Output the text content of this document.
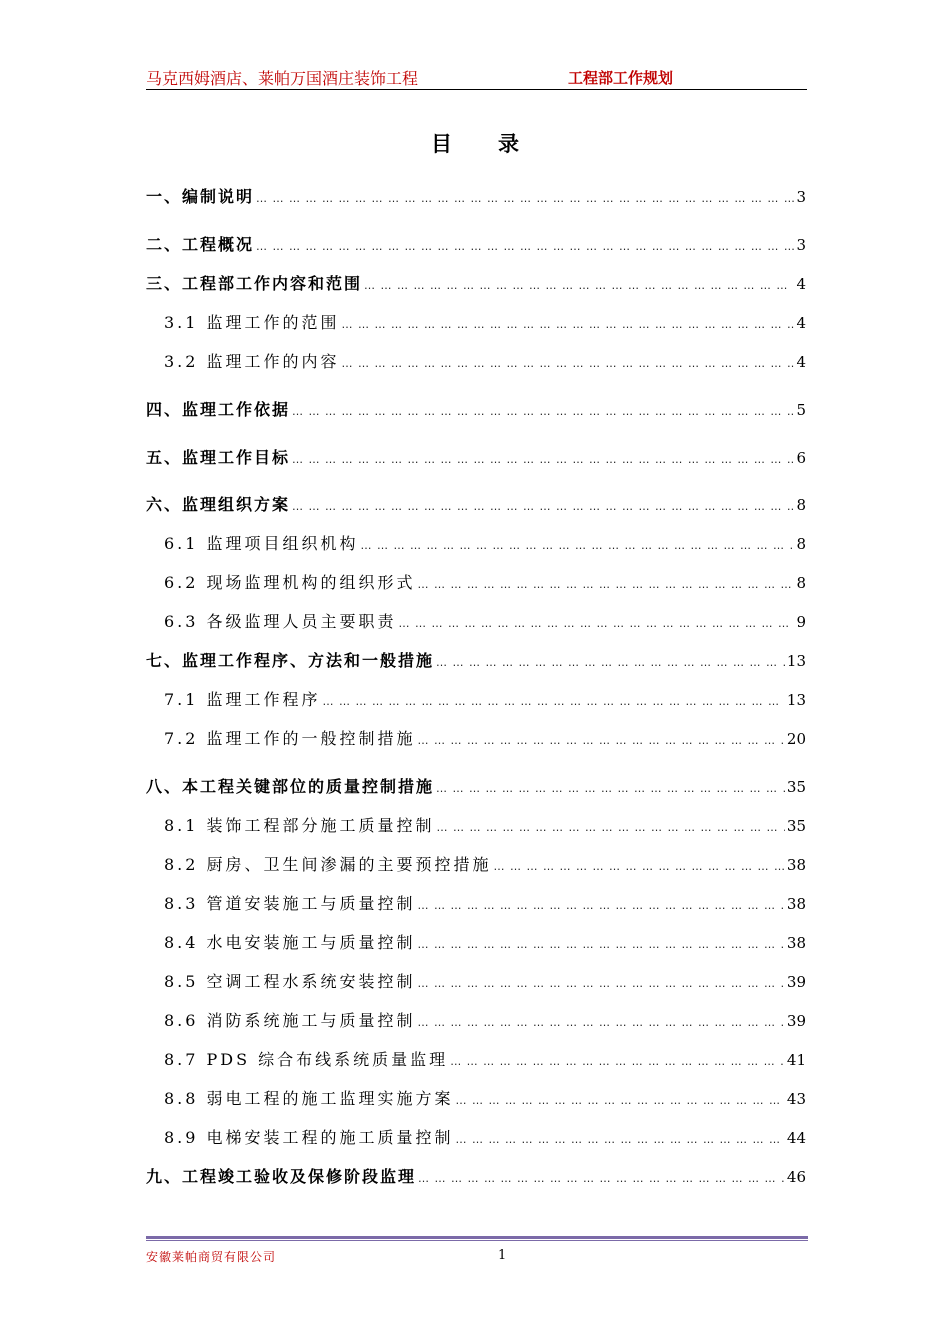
马克西姆酒店、莱帕万国酒庄装饰工程	工程部工作规划
目录
一、编制说明 … … … … … … … … … … … … … … … … … … … … … … … … … … … … … … … … … … … … … … … … … … … … … … … … … … … … … … … … … … … … …	3
二、工程概况 … … … … … … … … … … … … … … … … … … … … … … … … … … … … … … … … … … … … … … … … … … … … … … … … … … … … … … … … … … … … …	3
三、工程部工作内容和范围 … … … … … … … … … … … … … … … … … … … … … … … … … … … … … … … … … … … … … … … … … … … … … … … … … … … … … … … … … … … … …	4
3.1 监理工作的范围 … … … … … … … … … … … … … … … … … … … … … … … … … … … … … … … … … … … … … … … … … … … … … … … … … … … … … … … … … … … … …	4
3.2 监理工作的内容 … … … … … … … … … … … … … … … … … … … … … … … … … … … … … … … … … … … … … … … … … … … … … … … … … … … … … … … … … … … … …	4
四、监理工作依据 … … … … … … … … … … … … … … … … … … … … … … … … … … … … … … … … … … … … … … … … … … … … … … … … … … … … … … … … … … … … …	5
五、监理工作目标 … … … … … … … … … … … … … … … … … … … … … … … … … … … … … … … … … … … … … … … … … … … … … … … … … … … … … … … … … … … … …	6
六、监理组织方案 … … … … … … … … … … … … … … … … … … … … … … … … … … … … … … … … … … … … … … … … … … … … … … … … … … … … … … … … … … … … …	8
6.1 监理项目组织机构 … … … … … … … … … … … … … … … … … … … … … … … … … … … … … … … … … … … … … … … … … … … … … … … … … … … … … … … … … … … … …	8
6.2 现场监理机构的组织形式 … … … … … … … … … … … … … … … … … … … … … … … … … … … … … … … … … … … … … … … … … … … … … … … … … … … … … … … … … … … … …	8
6.3 各级监理人员主要职责 … … … … … … … … … … … … … … … … … … … … … … … … … … … … … … … … … … … … … … … … … … … … … … … … … … … … … … … … … … … … …	9
七、监理工作程序、方法和一般措施 … … … … … … … … … … … … … … … … … … … … … … … … … … … … … … … … … … … … … … … … … … … … … … … … … … … … … … … … … … … … …	13
7.1 监理工作程序 … … … … … … … … … … … … … … … … … … … … … … … … … … … … … … … … … … … … … … … … … … … … … … … … … … … … … … … … … … … … …	13
7.2 监理工作的一般控制措施 … … … … … … … … … … … … … … … … … … … … … … … … … … … … … … … … … … … … … … … … … … … … … … … … … … … … … … … … … … … … …	20
八、本工程关键部位的质量控制措施 … … … … … … … … … … … … … … … … … … … … … … … … … … … … … … … … … … … … … … … … … … … … … … … … … … … … … … … … … … … … …	35
8.1 装饰工程部分施工质量控制 … … … … … … … … … … … … … … … … … … … … … … … … … … … … … … … … … … … … … … … … … … … … … … … … … … … … … … … … … … … … …	35
8.2 厨房、卫生间渗漏的主要预控措施 … … … … … … … … … … … … … … … … … … … … … … … … … … … … … … … … … … … … … … … … … … … … … … … … … … … … … … … … … … … … …	38
8.3 管道安装施工与质量控制 … … … … … … … … … … … … … … … … … … … … … … … … … … … … … … … … … … … … … … … … … … … … … … … … … … … … … … … … … … … … …	38
8.4 水电安装施工与质量控制 … … … … … … … … … … … … … … … … … … … … … … … … … … … … … … … … … … … … … … … … … … … … … … … … … … … … … … … … … … … … …	38
8.5 空调工程水系统安装控制 … … … … … … … … … … … … … … … … … … … … … … … … … … … … … … … … … … … … … … … … … … … … … … … … … … … … … … … … … … … … …	39
8.6 消防系统施工与质量控制 … … … … … … … … … … … … … … … … … … … … … … … … … … … … … … … … … … … … … … … … … … … … … … … … … … … … … … … … … … … … …	39
8.7 PDS 综合布线系统质量监理 … … … … … … … … … … … … … … … … … … … … … … … … … … … … … … … … … … … … … … … … … … … … … … … … … … … … … … … … … … … … …	41
8.8 弱电工程的施工监理实施方案 … … … … … … … … … … … … … … … … … … … … … … … … … … … … … … … … … … … … … … … … … … … … … … … … … … … … … … … … … … … … …	43
8.9 电梯安装工程的施工质量控制 … … … … … … … … … … … … … … … … … … … … … … … … … … … … … … … … … … … … … … … … … … … … … … … … … … … … … … … … … … … … …	44
九、工程竣工验收及保修阶段监理 … … … … … … … … … … … … … … … … … … … … … … … … … … … … … … … … … … … … … … … … … … … … … … … … … … … … … … … … … … … … …	46
安徽莱帕商贸有限公司	1
